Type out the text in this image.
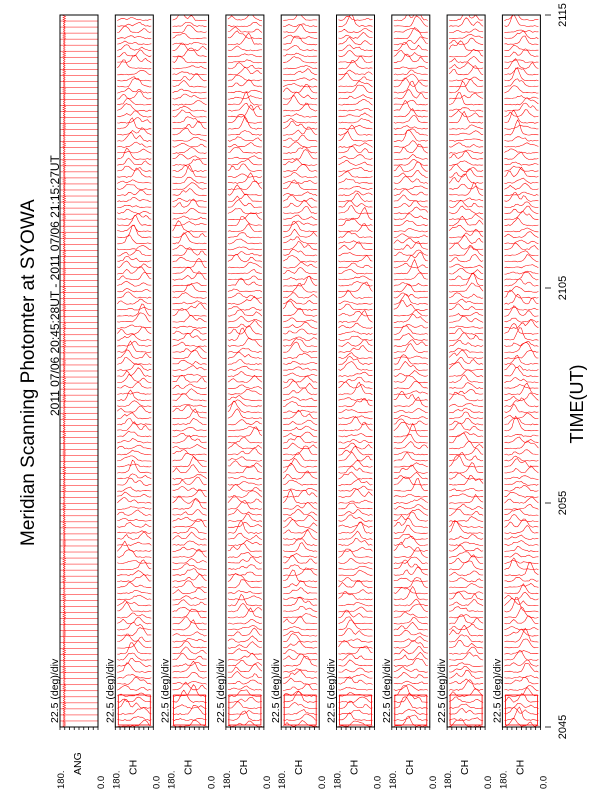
Meridian Scanning Photomter at SYOWA 2011 07/06 20:45:28UT - 2011 07/06 21:15:27UT
180.	0.0
ANG
22.5 (deg)/div
180.	0.0
CH
22.5 (deg)/div
180.	0.0
CH
22.5 (deg)/div
180.	0.0
CH
22.5 (deg)/div
180.	0.0
CH
22.5 (deg)/div
180.	0.0
CH
22.5 (deg)/div
180.	0.0
CH
22.5 (deg)/div
180.	0.0
CH
22.5 (deg)/div
180.	0.0
CH
22.5 (deg)/div
2045
2055
2105
2115
TIME(UT)
